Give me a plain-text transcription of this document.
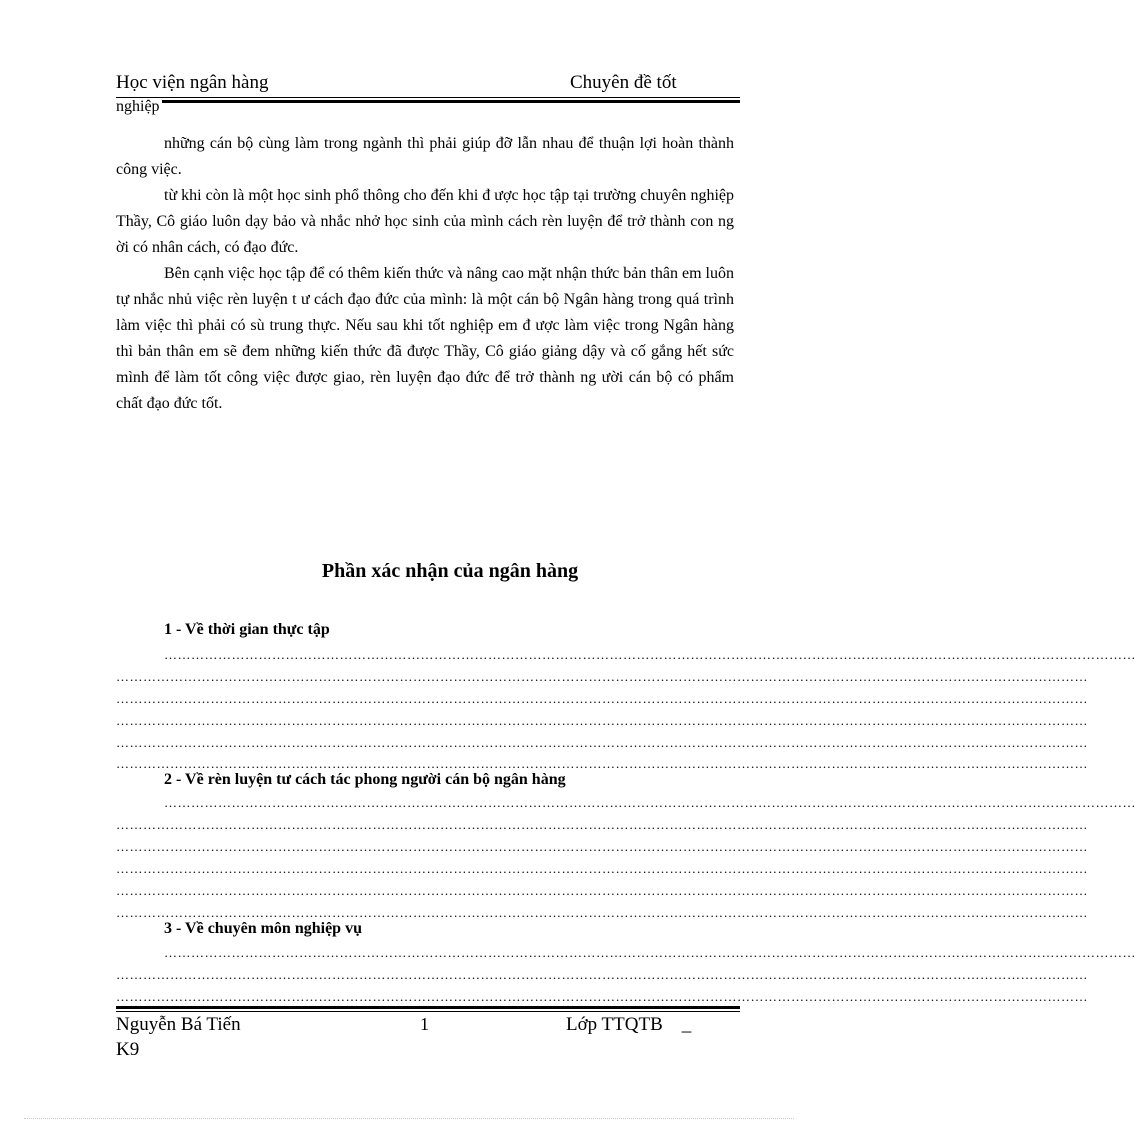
Học viện ngân hàng	Chuyên đề tốt
nghiệp
những cán bộ cùng làm trong ngành thì phải giúp đỡ lẫn nhau để thuận lợi hoàn thành công việc.
từ khi còn là một học sinh phổ thông cho đến khi đ ược học tập tại trường chuyên nghiệp Thầy, Cô giáo luôn dạy bảo và nhắc nhở học sinh của mình cách rèn luyện để trở thành con ng ời có nhân cách, có đạo đức.
Bên cạnh việc học tập để có thêm kiến thức và nâng cao mặt nhận thức bản thân em luôn tự nhắc nhủ việc rèn luyện t ư cách đạo đức của mình: là một cán bộ Ngân hàng trong quá trình làm việc thì phải có sù trung thực. Nếu sau khi tốt nghiệp em đ ược làm việc trong Ngân hàng thì bản thân em sẽ đem những kiến thức đã được Thầy, Cô giáo giảng dậy và cố gắng hết sức mình để làm tốt công việc được giao, rèn luyện đạo đức để trở thành ng ười cán bộ có phẩm chất đạo đức tốt.
Phần xác nhận của ngân hàng
1 - Về thời gian thực tập
………………………………………………………………………………………………………………………………………………………………………………………………
………………………………………………………………………………………………………………………………………………………………………………………………
………………………………………………………………………………………………………………………………………………………………………………………………
………………………………………………………………………………………………………………………………………………………………………………………………
………………………………………………………………………………………………………………………………………………………………………………………………
………………………………………………………………………………………………………………………………………………………………………………………………
2 - Về rèn luyện tư cách tác phong người cán bộ ngân hàng
………………………………………………………………………………………………………………………………………………………………………………………………
………………………………………………………………………………………………………………………………………………………………………………………………
………………………………………………………………………………………………………………………………………………………………………………………………
………………………………………………………………………………………………………………………………………………………………………………………………
………………………………………………………………………………………………………………………………………………………………………………………………
………………………………………………………………………………………………………………………………………………………………………………………………
3 - Về chuyên môn nghiệp vụ
………………………………………………………………………………………………………………………………………………………………………………………………
………………………………………………………………………………………………………………………………………………………………………………………………
………………………………………………………………………………………………………………………………………………………………………………………………
Nguyễn Bá Tiến	1	Lớp TTQTB    _
K9
